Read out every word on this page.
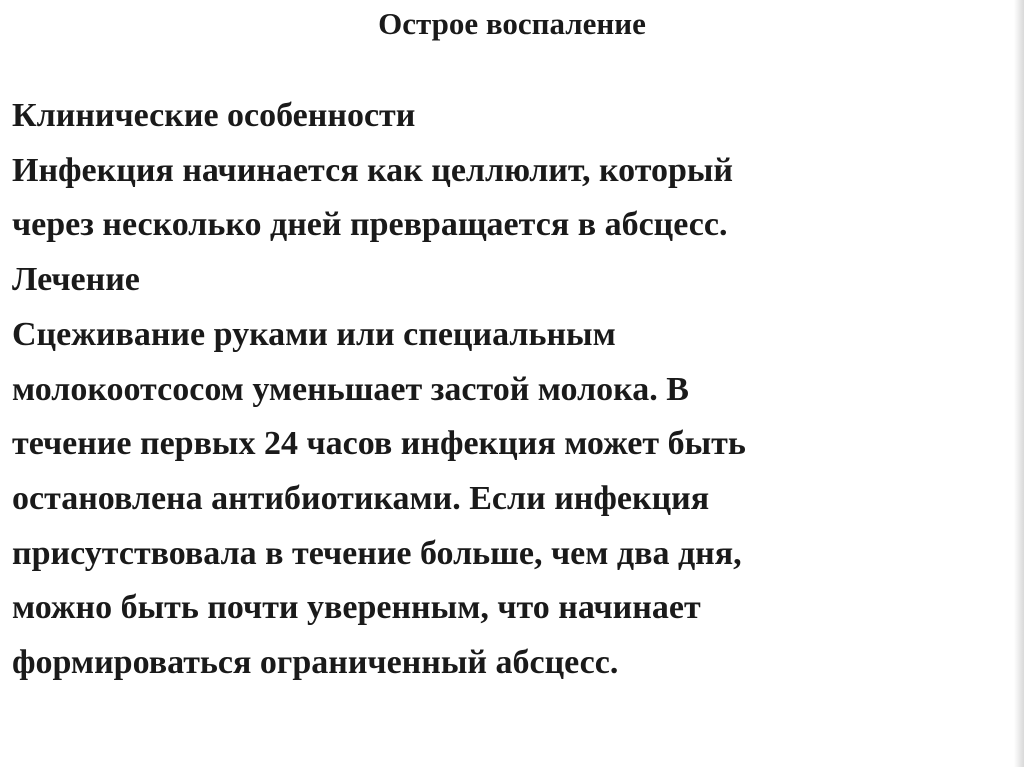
Острое воспаление
Клинические особенности
Инфекция начинается как целлюлит, который
через несколько дней превращается в абсцесс.
Лечение
Сцеживание руками или специальным
молокоотсосом уменьшает застой молока. В
течение первых 24 часов инфекция может быть
остановлена антибиотиками. Если инфекция
присутствовала в течение больше, чем два дня,
можно быть почти уверенным, что начинает
формироваться ограниченный абсцесс.
